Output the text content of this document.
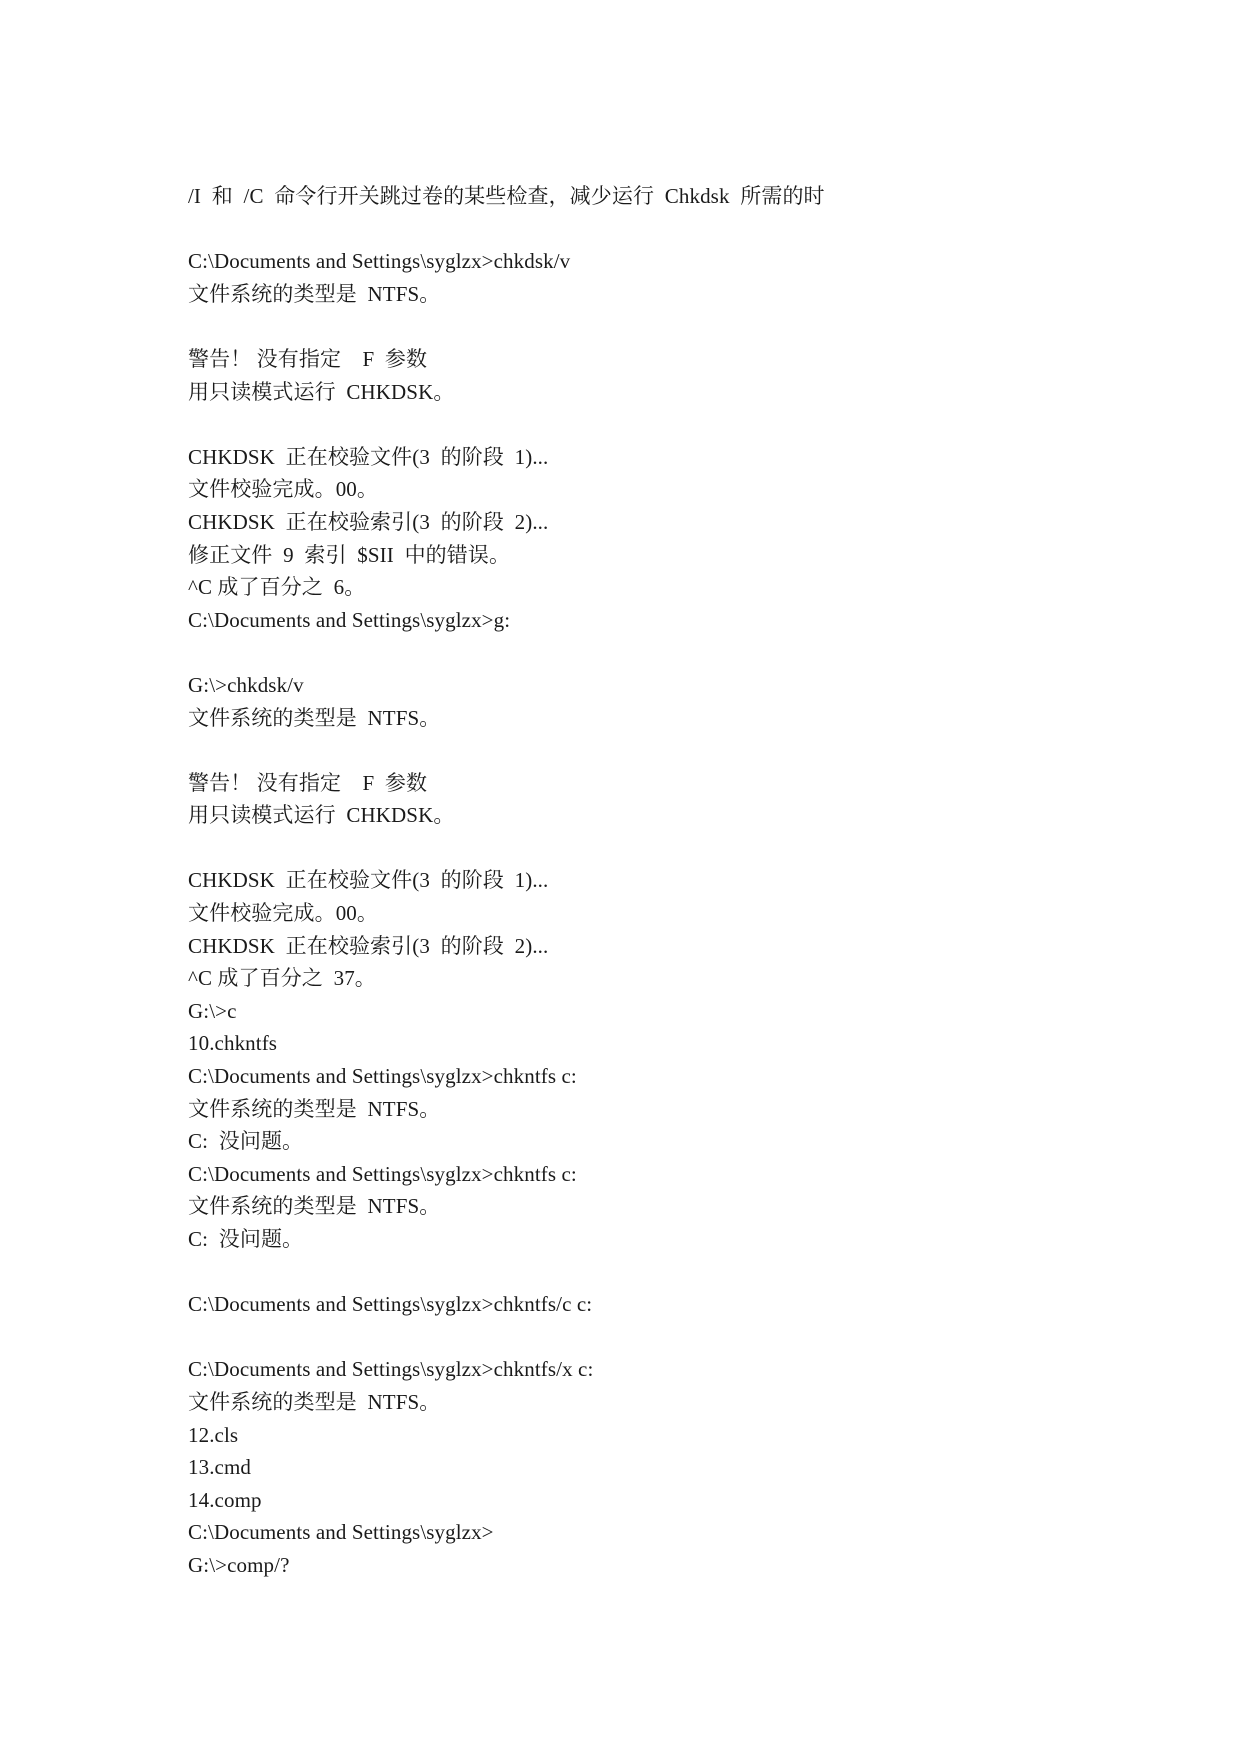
/I  和  /C  命令行开关跳过卷的某些检查，减少运行  Chkdsk  所需的时
C:\Documents and Settings\syglzx>chkdsk/v
文件系统的类型是  NTFS。
警告！ 没有指定    F  参数
用只读模式运行  CHKDSK。
CHKDSK  正在校验文件(3  的阶段  1)...
文件校验完成。00。
CHKDSK  正在校验索引(3  的阶段  2)...
修正文件  9  索引  $SII  中的错误。
^C 成了百分之  6。
C:\Documents and Settings\syglzx>g:
G:\>chkdsk/v
文件系统的类型是  NTFS。
警告！ 没有指定    F  参数
用只读模式运行  CHKDSK。
CHKDSK  正在校验文件(3  的阶段  1)...
文件校验完成。00。
CHKDSK  正在校验索引(3  的阶段  2)...
^C 成了百分之  37。
G:\>c
10.chkntfs
C:\Documents and Settings\syglzx>chkntfs c:
文件系统的类型是  NTFS。
C:  没问题。
C:\Documents and Settings\syglzx>chkntfs c:
文件系统的类型是  NTFS。
C:  没问题。
C:\Documents and Settings\syglzx>chkntfs/c c:
C:\Documents and Settings\syglzx>chkntfs/x c:
文件系统的类型是  NTFS。
12.cls
13.cmd
14.comp
C:\Documents and Settings\syglzx>
G:\>comp/?
